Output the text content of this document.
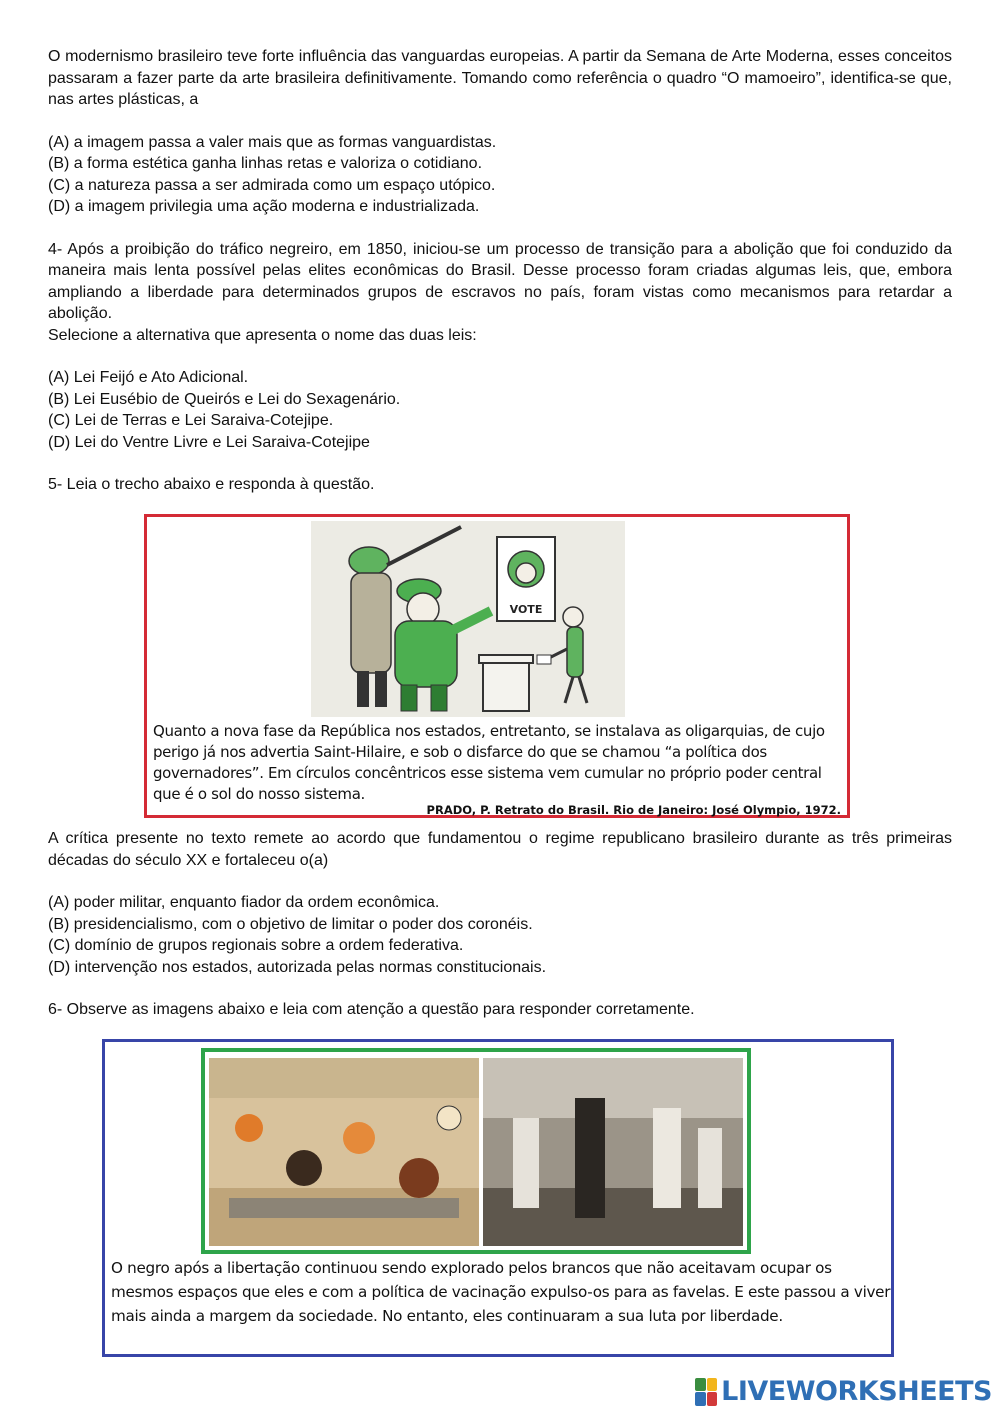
O modernismo brasileiro teve forte influência das vanguardas europeias. A partir da Semana de Arte Moderna, esses conceitos passaram a fazer parte da arte brasileira definitivamente. Tomando como referência o quadro “O mamoeiro”, identifica-se que, nas artes plásticas, a

(A) a imagem passa a valer mais que as formas vanguardistas.

(B) a forma estética ganha linhas retas e valoriza o cotidiano.

(C) a natureza passa a ser admirada como um espaço utópico.

(D) a imagem privilegia uma ação moderna e industrializada.

4- Após a proibição do tráfico negreiro, em 1850, iniciou-se um processo de transição para a abolição que foi conduzido da maneira mais lenta possível pelas elites econômicas do Brasil. Desse processo foram criadas algumas leis, que, embora ampliando a liberdade para determinados grupos de escravos no país, foram vistas como mecanismos para retardar a abolição.

Selecione a alternativa que apresenta o nome das duas leis:

(A) Lei Feijó e Ato Adicional.

(B) Lei Eusébio de Queirós e Lei do Sexagenário.

(C) Lei de Terras e Lei Saraiva-Cotejipe.

(D) Lei do Ventre Livre e Lei Saraiva-Cotejipe

5- Leia o trecho abaixo e responda à questão.

VOTE
Quanto a nova fase da República nos estados, entretanto, se instalava as oligarquias, de cujo perigo já nos advertia Saint-Hilaire, e sob o disfarce do que se chamou “a política dos governadores”. Em círculos concêntricos esse sistema vem cumular no próprio poder central que é o sol do nosso sistema.
PRADO, P. Retrato do Brasil. Rio de Janeiro: José Olympio, 1972.

A crítica presente no texto remete ao acordo que fundamentou o regime republicano brasileiro durante as três primeiras décadas do século XX e fortaleceu o(a)

(A) poder militar, enquanto fiador da ordem econômica.

(B) presidencialismo, com o objetivo de limitar o poder dos coronéis.

(C) domínio de grupos regionais sobre a ordem federativa.

(D) intervenção nos estados, autorizada pelas normas constitucionais.

6- Observe as imagens abaixo e leia com atenção a questão para responder corretamente.

O negro após a libertação continuou sendo explorado pelos brancos que não aceitavam ocupar os mesmos espaços que eles e com a política de vacinação expulso-os para as favelas. E este passou a viver mais ainda a margem da sociedade. No entanto, eles continuaram a sua luta por liberdade.
LIVEWORKSHEETS
